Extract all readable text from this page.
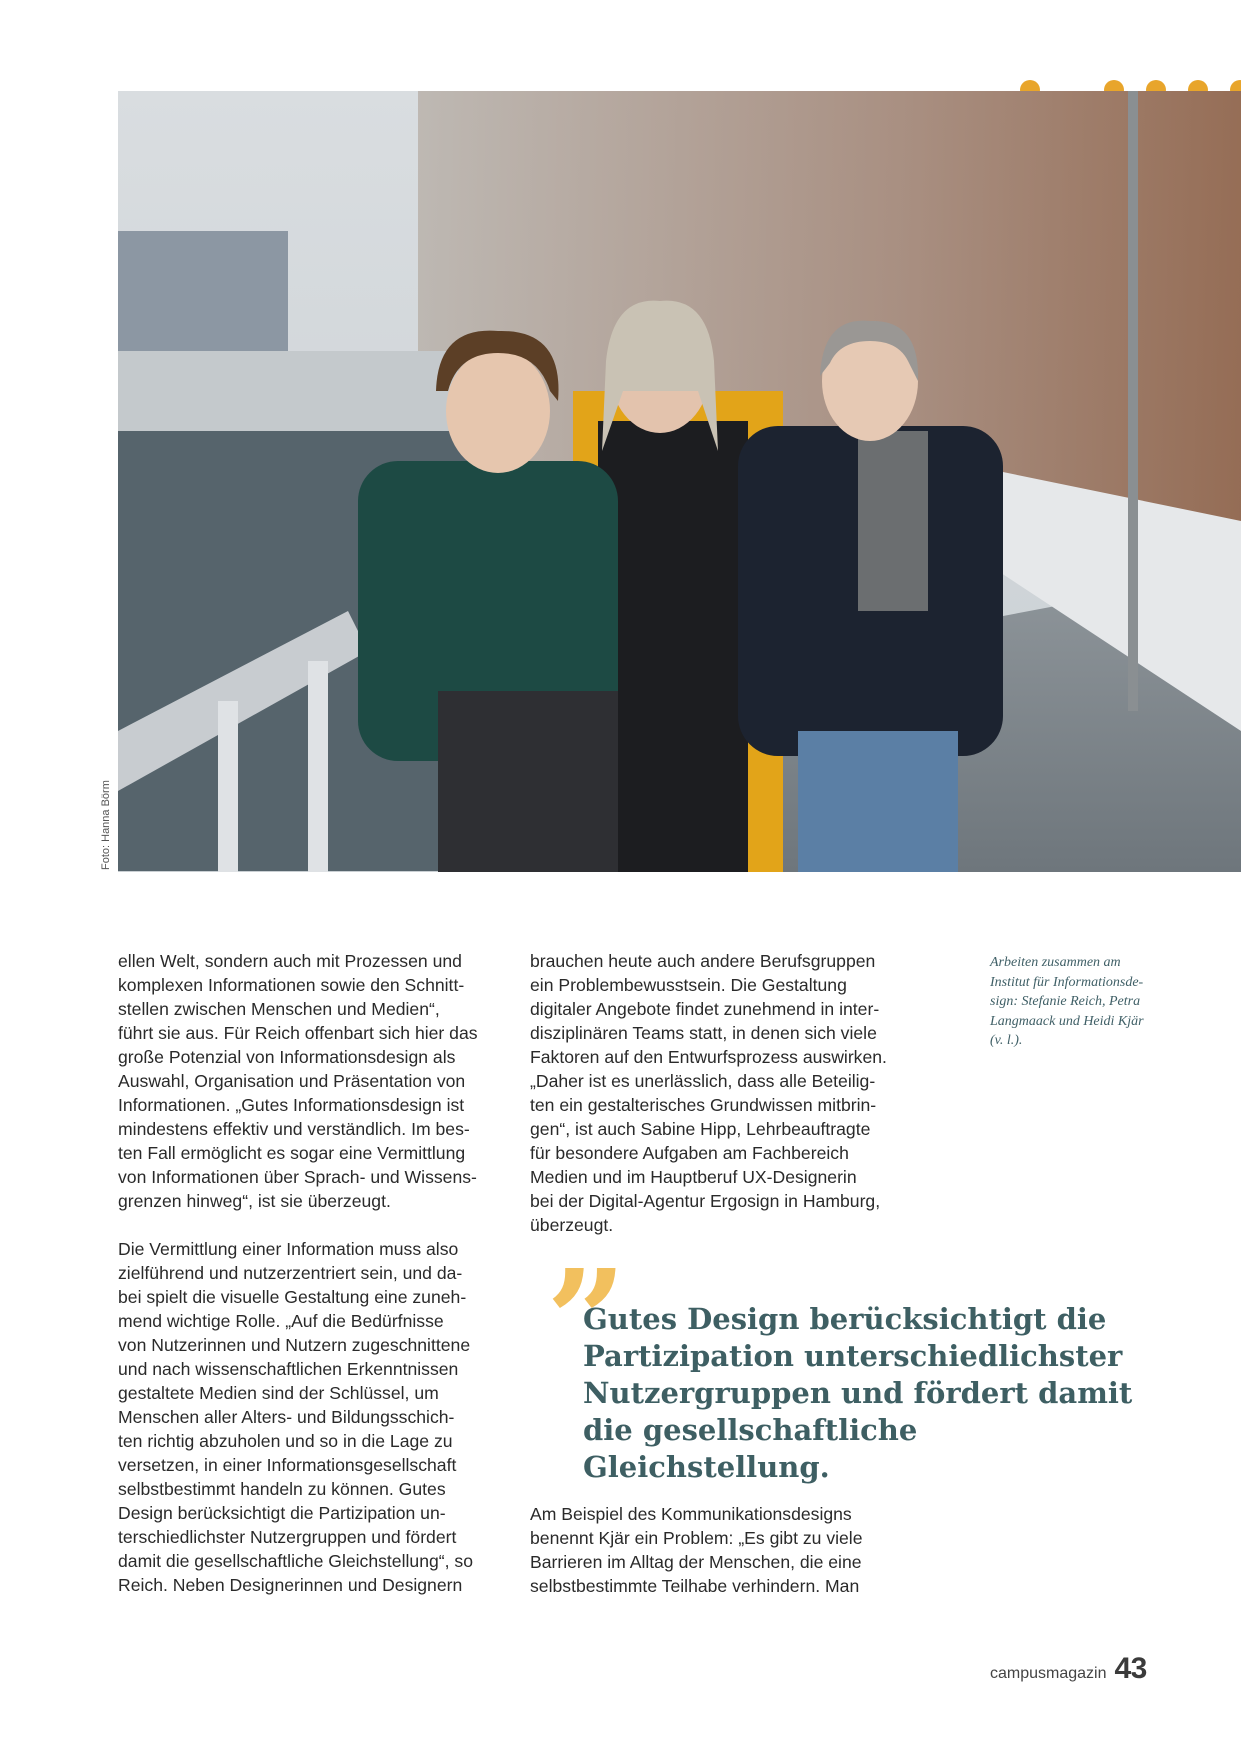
Foto: Hanna Börm

ellen Welt, sondern auch mit Prozessen und
komplexen Informationen sowie den Schnitt-
stellen zwischen Menschen und Medien“,
führt sie aus. Für Reich offenbart sich hier das
große Potenzial von Informationsdesign als
Auswahl, Organisation und Präsentation von
Informationen. „Gutes Informationsdesign ist
mindestens effektiv und verständlich. Im bes-
ten Fall ermöglicht es sogar eine Vermittlung
von Informationen über Sprach- und Wissens-
grenzen hinweg“, ist sie überzeugt.

Die Vermittlung einer Information muss also
zielführend und nutzerzentriert sein, und da-
bei spielt die visuelle Gestaltung eine zuneh-
mend wichtige Rolle. „Auf die Bedürfnisse
von Nutzerinnen und Nutzern zugeschnittene
und nach wissenschaftlichen Erkenntnissen
gestaltete Medien sind der Schlüssel, um
Menschen aller Alters- und Bildungsschich-
ten richtig abzuholen und so in die Lage zu
versetzen, in einer Informationsgesellschaft
selbstbestimmt handeln zu können. Gutes
Design berücksichtigt die Partizipation un-
terschiedlichster Nutzergruppen und fördert
damit die gesellschaftliche Gleichstellung“, so
Reich. Neben Designerinnen und Designern

brauchen heute auch andere Berufsgruppen
ein Problembewusstsein. Die Gestaltung
digitaler Angebote findet zunehmend in inter-
disziplinären Teams statt, in denen sich viele
Faktoren auf den Entwurfsprozess auswirken.
„Daher ist es unerlässlich, dass alle Beteilig-
ten ein gestalterisches Grundwissen mitbrin-
gen“, ist auch Sabine Hipp, Lehrbeauftragte
für besondere Aufgaben am Fachbereich
Medien und im Hauptberuf UX-Designerin
bei der Digital-Agentur Ergosign in Hamburg,
überzeugt.

Arbeiten zusammen am
Institut für Informationsde-
sign: Stefanie Reich, Petra
Langmaack und Heidi Kjär
(v. l.).
”
Gutes Design berücksichtigt die
Partizipation unterschiedlichster
Nutzergruppen und fördert damit
die gesellschaftliche Gleichstellung.

Am Beispiel des Kommunikationsdesigns
benennt Kjär ein Problem: „Es gibt zu viele
Barrieren im Alltag der Menschen, die eine
selbstbestimmte Teilhabe verhindern. Man

campusmagazin 43
